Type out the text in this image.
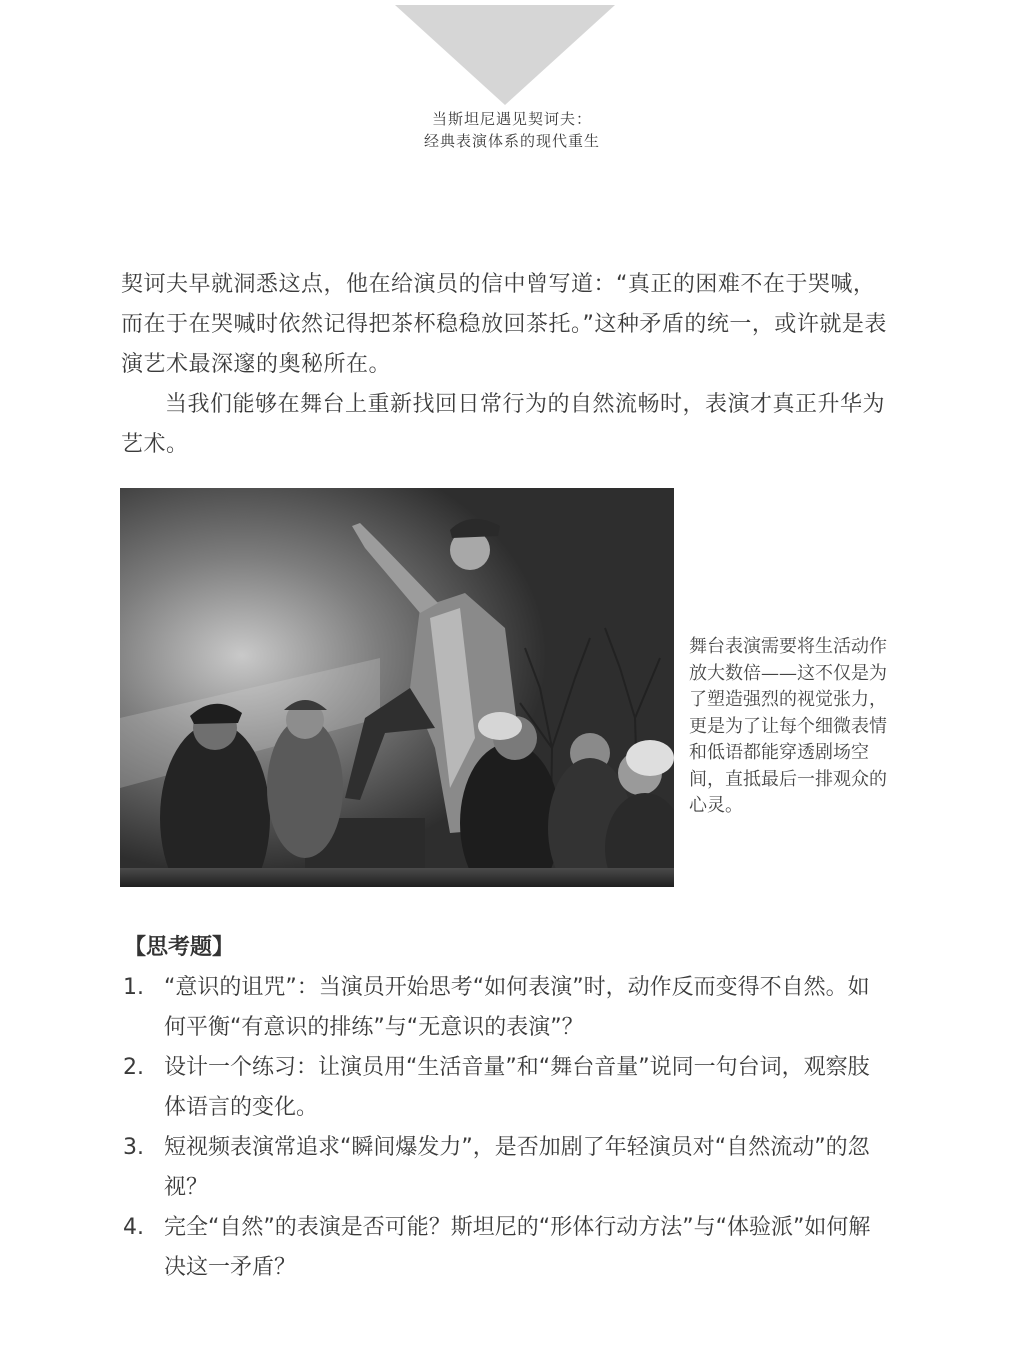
当斯坦尼遇见契诃夫：
经典表演体系的现代重生

契诃夫早就洞悉这点，他在给演员的信中曾写道：“真正的困难不在于哭喊，而在于在哭喊时依然记得把茶杯稳稳放回茶托。”这种矛盾的统一，或许就是表演艺术最深邃的奥秘所在。

当我们能够在舞台上重新找回日常行为的自然流畅时，表演才真正升华为艺术。

舞台表演需要将生活动作放大数倍——这不仅是为了塑造强烈的视觉张力，更是为了让每个细微表情和低语都能穿透剧场空间，直抵最后一排观众的心灵。
【思考题】
1. “意识的诅咒”：当演员开始思考“如何表演”时，动作反而变得不自然。如何平衡“有意识的排练”与“无意识的表演”？
2. 设计一个练习：让演员用“生活音量”和“舞台音量”说同一句台词，观察肢体语言的变化。
3. 短视频表演常追求“瞬间爆发力”，是否加剧了年轻演员对“自然流动”的忽视？
4. 完全“自然”的表演是否可能？斯坦尼的“形体行动方法”与“体验派”如何解决这一矛盾？
